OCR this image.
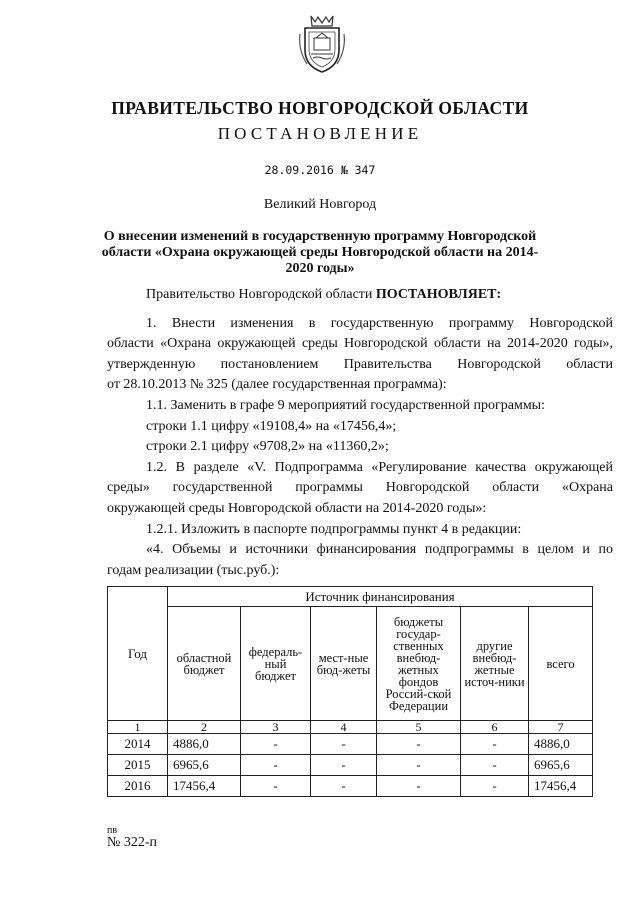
ПРАВИТЕЛЬСТВО НОВГОРОДСКОЙ ОБЛАСТИ
ПОСТАНОВЛЕНИЕ
28.09.2016 № 347
Великий Новгород
О внесении изменений в государственную программу Новгородской области «Охрана окружающей среды Новгородской области на 2014-2020 годы»

Правительство Новгородской области ПОСТАНОВЛЯЕТ:

1. Внести изменения в государственную программу Новгородской

области «Охрана окружающей среды Новгородской области на 2014-2020 годы»,

утвержденную постановлением Правительства Новгородской области

от 28.10.2013 № 325 (далее государственная программа):

1.1. Заменить в графе 9 мероприятий государственной программы:

строки 1.1 цифру «19108,4» на «17456,4»;

строки 2.1 цифру «9708,2» на «11360,2»;

1.2. В разделе «V. Подпрограмма «Регулирование качества окружающей

среды» государственной программы Новгородской области «Охрана

окружающей среды Новгородской области на 2014-2020 годы»:

1.2.1. Изложить в паспорте подпрограммы пункт 4 в редакции:

«4. Объемы и источники финансирования подпрограммы в целом и по

годам реализации (тыс.руб.):

Год	Источник финансирования					
	областной бюджет	федераль-ный бюджет	мест-ные бюд-жеты	бюджеты государ-ственных внебюд-жетных фондов Россий-ской Федерации	другие внебюд-жетные источ-ники	всего
1	2	3	4	5	6	7
2014	4886,0	-	-	-	-	4886,0
2015	6965,6	-	-	-	-	6965,6
2016	17456,4	-	-	-	-	17456,4
пв
№ 322-п
